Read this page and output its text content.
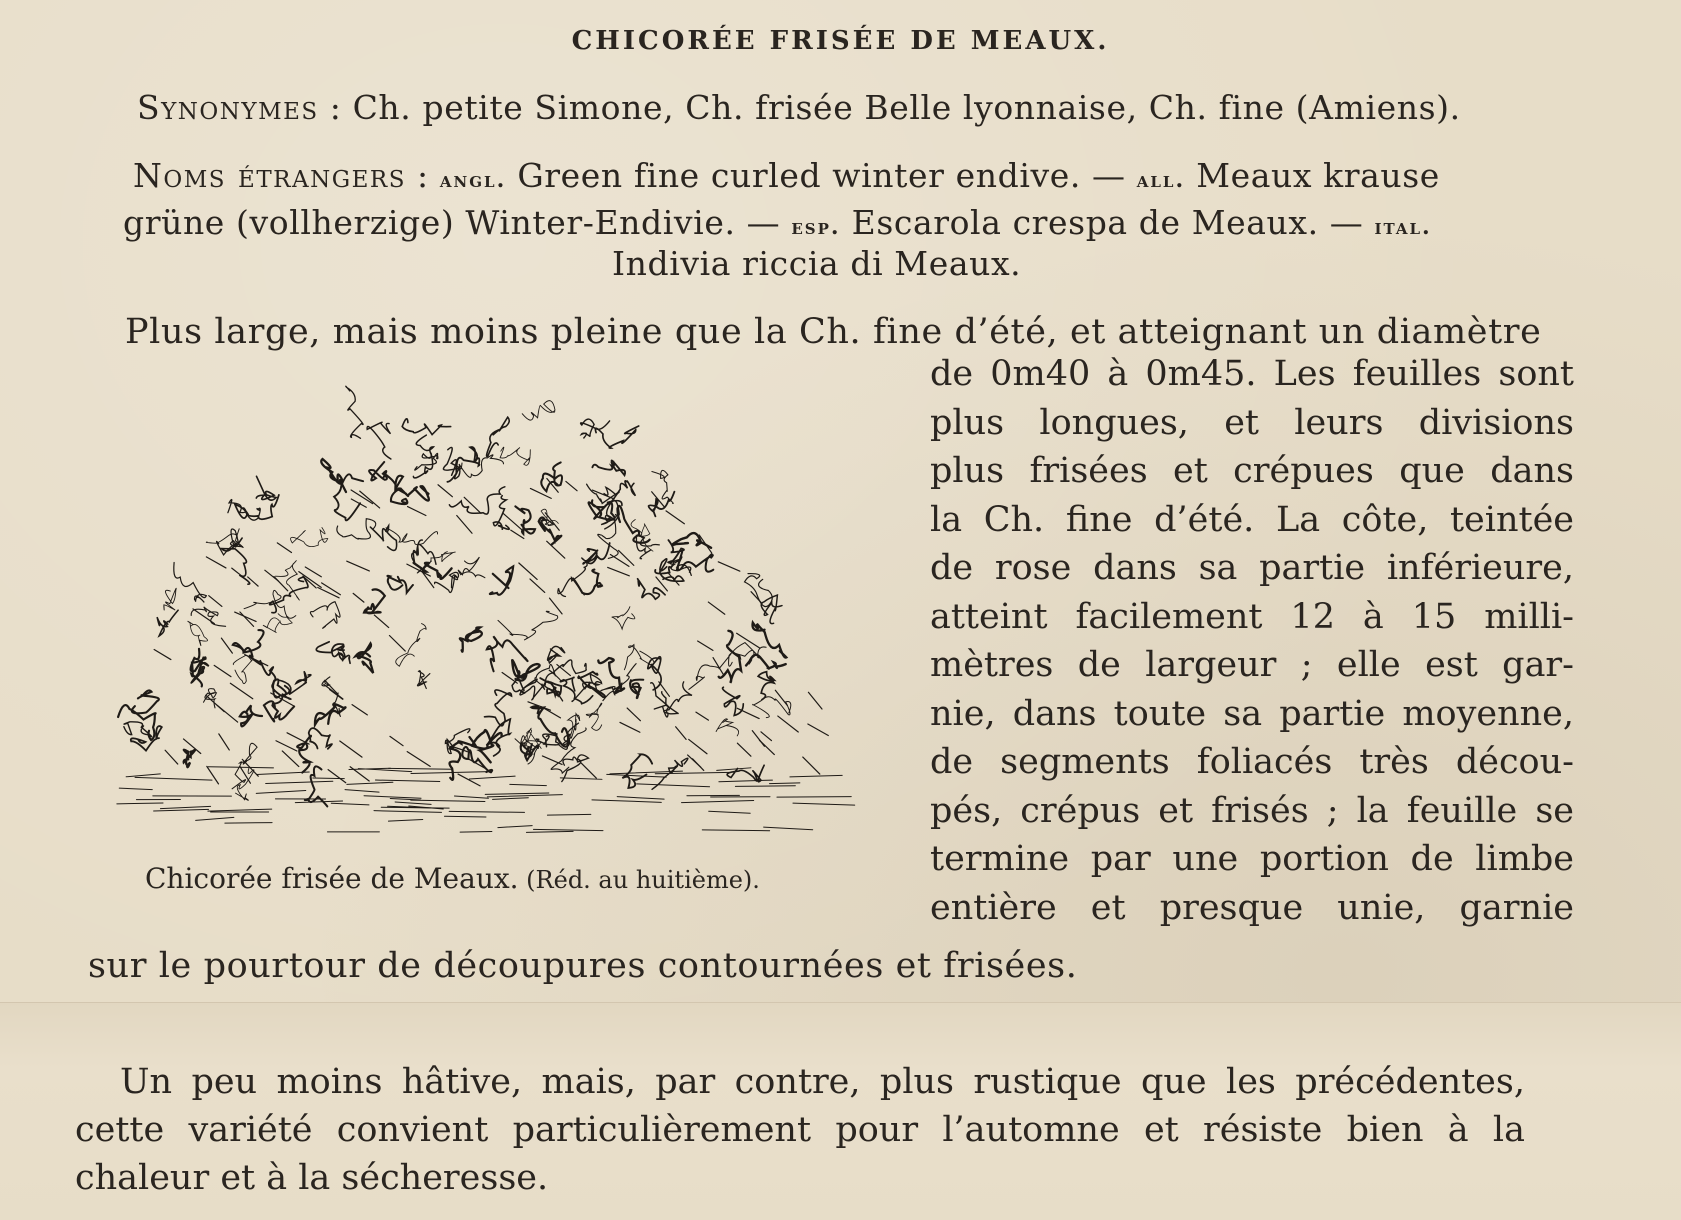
CHICORÉE FRISÉE DE MEAUX.
Synonymes : Ch. petite Simone, Ch. frisée Belle lyonnaise, Ch. fine (Amiens).
Noms étrangers : angl. Green fine curled winter endive. — all. Meaux krause
grüne (vollherzige) Winter-Endivie. — esp. Escarola crespa de Meaux. — ital.
Indivia riccia di Meaux.
Plus large, mais moins pleine que la Ch. fine d’été, et atteignant un diamètre
de 0m40 à 0m45. Les feuilles sont
plus longues, et leurs divisions
plus frisées et crépues que dans
la Ch. fine d’été. La côte, teintée
de rose dans sa partie inférieure,
atteint facilement 12 à 15 milli-
mètres de largeur ; elle est gar-
nie, dans toute sa partie moyenne,
de segments foliacés très décou-
pés, crépus et frisés ; la feuille se
termine par une portion de limbe
entière et presque unie, garnie
sur le pourtour de découpures contournées et frisées.
Chicorée frisée de Meaux. (Réd. au huitième).
Un peu moins hâtive, mais, par contre, plus rustique que les précédentes,
cette variété convient particulièrement pour l’automne et résiste bien à la
chaleur et à la sécheresse.
